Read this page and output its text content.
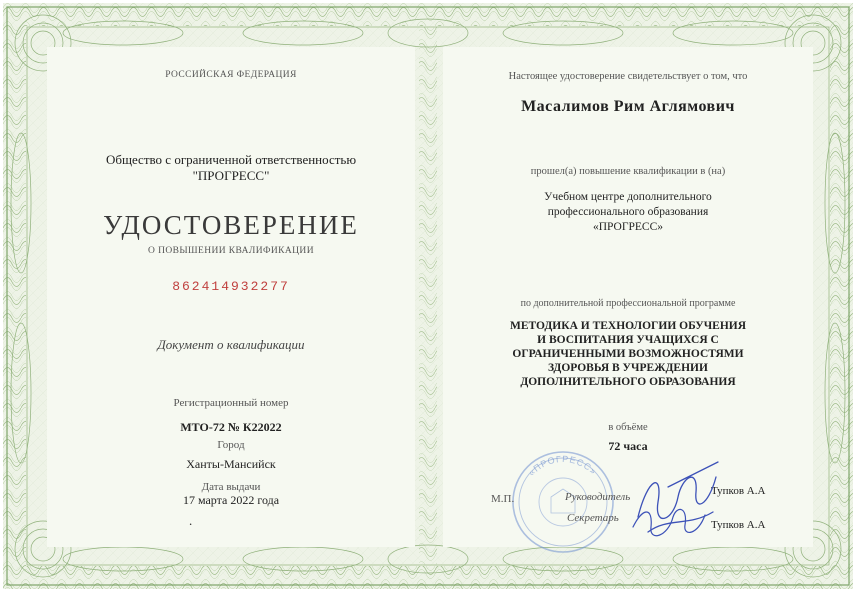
РОССИЙСКАЯ ФЕДЕРАЦИЯ
Общество с ограниченной ответственностью
"ПРОГРЕСС"
УДОСТОВЕРЕНИЕ
О ПОВЫШЕНИИ КВАЛИФИКАЦИИ
862414932277
Документ о квалификации
Регистрационный номер
МТО-72 № К22022
Город
Ханты-Мансийск
Дата выдачи
17 марта 2022 года
.
Настоящее удостоверение свидетельствует о том, что
Масалимов Рим Аглямович
прошел(а) повышение квалификации в (на)
Учебном центре дополнительного
профессионального образования
«ПРОГРЕСС»
по дополнительной профессиональной программе
МЕТОДИКА И ТЕХНОЛОГИИ ОБУЧЕНИЯ
И ВОСПИТАНИЯ УЧАЩИХСЯ С
ОГРАНИЧЕННЫМИ ВОЗМОЖНОСТЯМИ
ЗДОРОВЬЯ В УЧРЕЖДЕНИИ
ДОПОЛНИТЕЛЬНОГО ОБРАЗОВАНИЯ
в объёме
72 часа
«ПРОГРЕСС»
М.П.	Руководитель
Секретарь
Тупков А.А
Тупков А.А
